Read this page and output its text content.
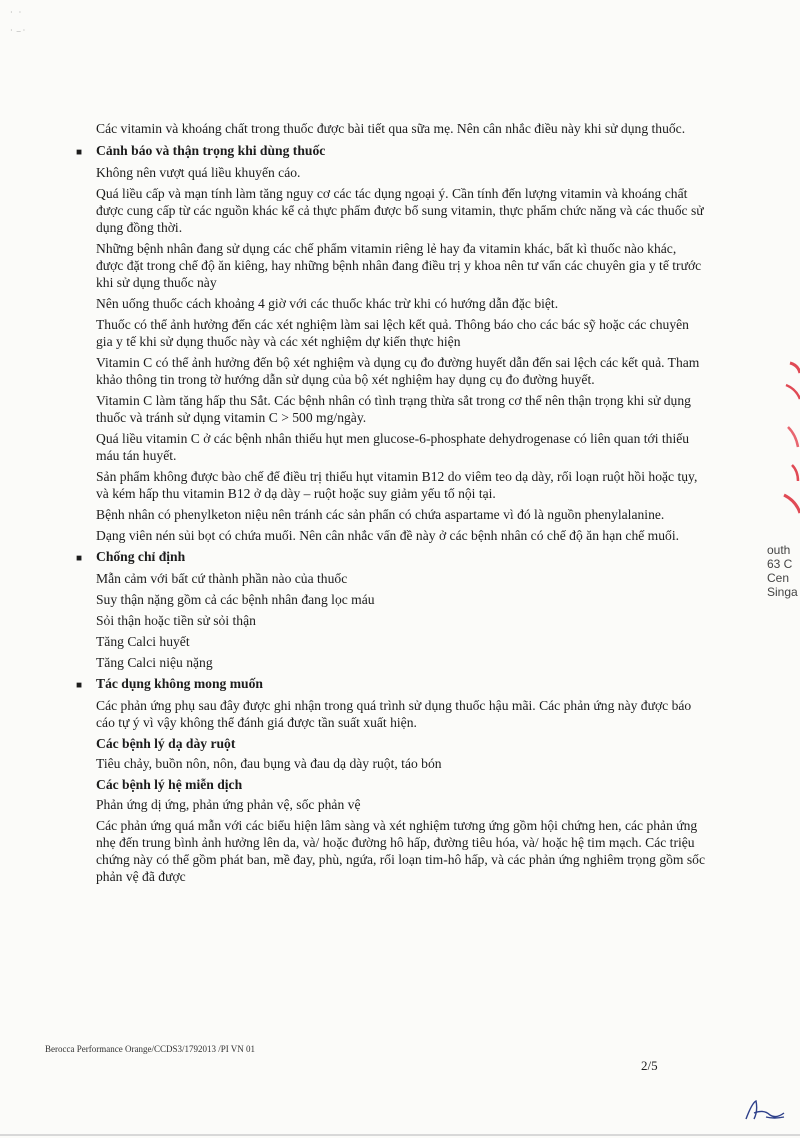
·   ·

·  – ·

Các vitamin và khoáng chất trong thuốc được bài tiết qua sữa mẹ. Nên cân nhắc điều này khi sử dụng thuốc.

■	Cảnh báo và thận trọng khi dùng thuốc

Không nên vượt quá liều khuyến cáo.

Quá liều cấp và mạn tính làm tăng nguy cơ các tác dụng ngoại ý. Cần tính đến lượng vitamin và khoáng chất được cung cấp từ các nguồn khác kể cả thực phẩm được bổ sung vitamin, thực phẩm chức năng và các thuốc sử dụng đồng thời.

Những bệnh nhân đang sử dụng các chế phẩm vitamin riêng lẻ hay đa vitamin khác, bất kì thuốc nào khác, được đặt trong chế độ ăn kiêng, hay những bệnh nhân đang điều trị y khoa nên tư vấn các chuyên gia y tế trước khi sử dụng thuốc này

Nên uống thuốc cách khoảng 4 giờ với các thuốc khác trừ khi có hướng dẫn đặc biệt.

Thuốc có thể ảnh hưởng đến các xét nghiệm làm sai lệch kết quả. Thông báo cho các bác sỹ hoặc các chuyên gia y tế khi sử dụng thuốc này và các xét nghiệm dự kiến thực hiện

Vitamin C có thể ảnh hưởng đến bộ xét nghiệm và dụng cụ đo đường huyết dẫn đến sai lệch các kết quả. Tham khảo thông tin trong tờ hướng dẫn sử dụng của bộ xét nghiệm hay dụng cụ đo đường huyết.

Vitamin C làm tăng hấp thu Sắt. Các bệnh nhân có tình trạng thừa sắt trong cơ thể nên thận trọng khi sử dụng thuốc và tránh sử dụng vitamin C > 500 mg/ngày.

Quá liều vitamin C ở các bệnh nhân thiếu hụt men glucose-6-phosphate dehydrogenase có liên quan tới thiếu máu tán huyết.

Sản phẩm không được bào chế để điều trị thiếu hụt vitamin B12 do viêm teo dạ dày, rối loạn ruột hồi hoặc tụy, và kém hấp thu vitamin B12 ở dạ dày – ruột hoặc suy giảm yếu tố nội tại.

Bệnh nhân có phenylketon niệu nên tránh các sản phẩn có chứa aspartame vì đó là nguồn phenylalanine.

Dạng viên nén sủi bọt có chứa muối. Nên cân nhắc vấn đề này ở các bệnh nhân có chế độ ăn hạn chế muối.

■	Chống chỉ định

Mẫn cảm với bất cứ thành phần nào của thuốc

Suy thận nặng gồm cả các bệnh nhân đang lọc máu

Sỏi thận hoặc tiền sử sỏi thận

Tăng Calci huyết

Tăng Calci niệu nặng

■	Tác dụng không mong muốn

Các phản ứng phụ sau đây được ghi nhận trong quá trình sử dụng thuốc hậu mãi. Các phản ứng này được báo cáo tự ý vì vậy không thể đánh giá được tần suất xuất hiện.

Các bệnh lý dạ dày ruột

Tiêu chảy, buồn nôn, nôn, đau bụng và đau dạ dày ruột, táo bón

Các bệnh lý hệ miễn dịch

Phản ứng dị ứng, phản ứng phản vệ, sốc phản vệ

Các phản ứng quá mẫn với các biểu hiện lâm sàng và xét nghiệm tương ứng gồm hội chứng hen, các phản ứng nhẹ đến trung bình ảnh hưởng lên da, và/ hoặc đường hô hấp, đường tiêu hóa, và/ hoặc hệ tim mạch. Các triệu chứng này có thể gồm phát ban, mề đay, phù, ngứa, rối loạn tim-hô hấp, và các phản ứng nghiêm trọng gồm sốc phản vệ đã được

outh
63 C
Cen
Singa
Berocca Performance Orange/CCDS3/1792013 /PI VN 01
2/5
